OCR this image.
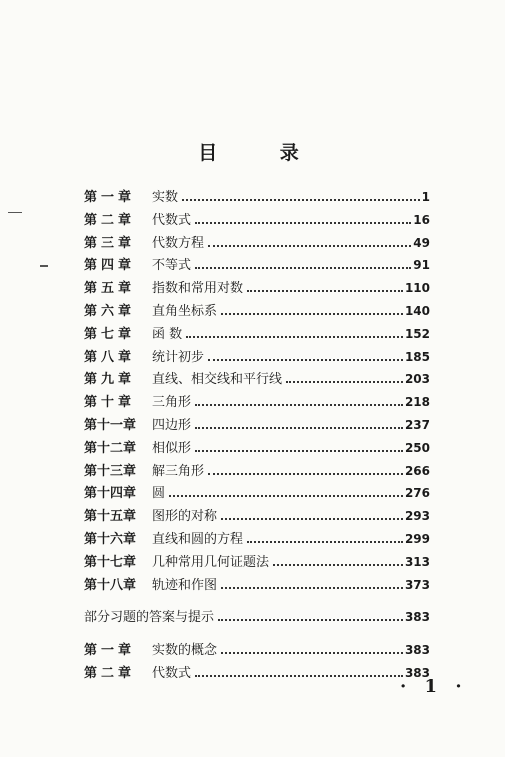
目 录
第一章	实数	1
第二章	代数式	16
第三章	代数方程	49
第四章	不等式	91
第五章	指数和常用对数	110
第六章	直角坐标系	140
第七章	函 数	152
第八章	统计初步	185
第九章	直线、相交线和平行线	203
第十章	三角形	218
第十一章	四边形	237
第十二章	相似形	250
第十三章	解三角形	266
第十四章	圆	276
第十五章	图形的对称	293
第十六章	直线和圆的方程	299
第十七章	几种常用几何证题法	313
第十八章	轨迹和作图	373
部分习题的答案与提示	383
第一章	实数的概念	383
第二章	代数式	383
· 1 ·
